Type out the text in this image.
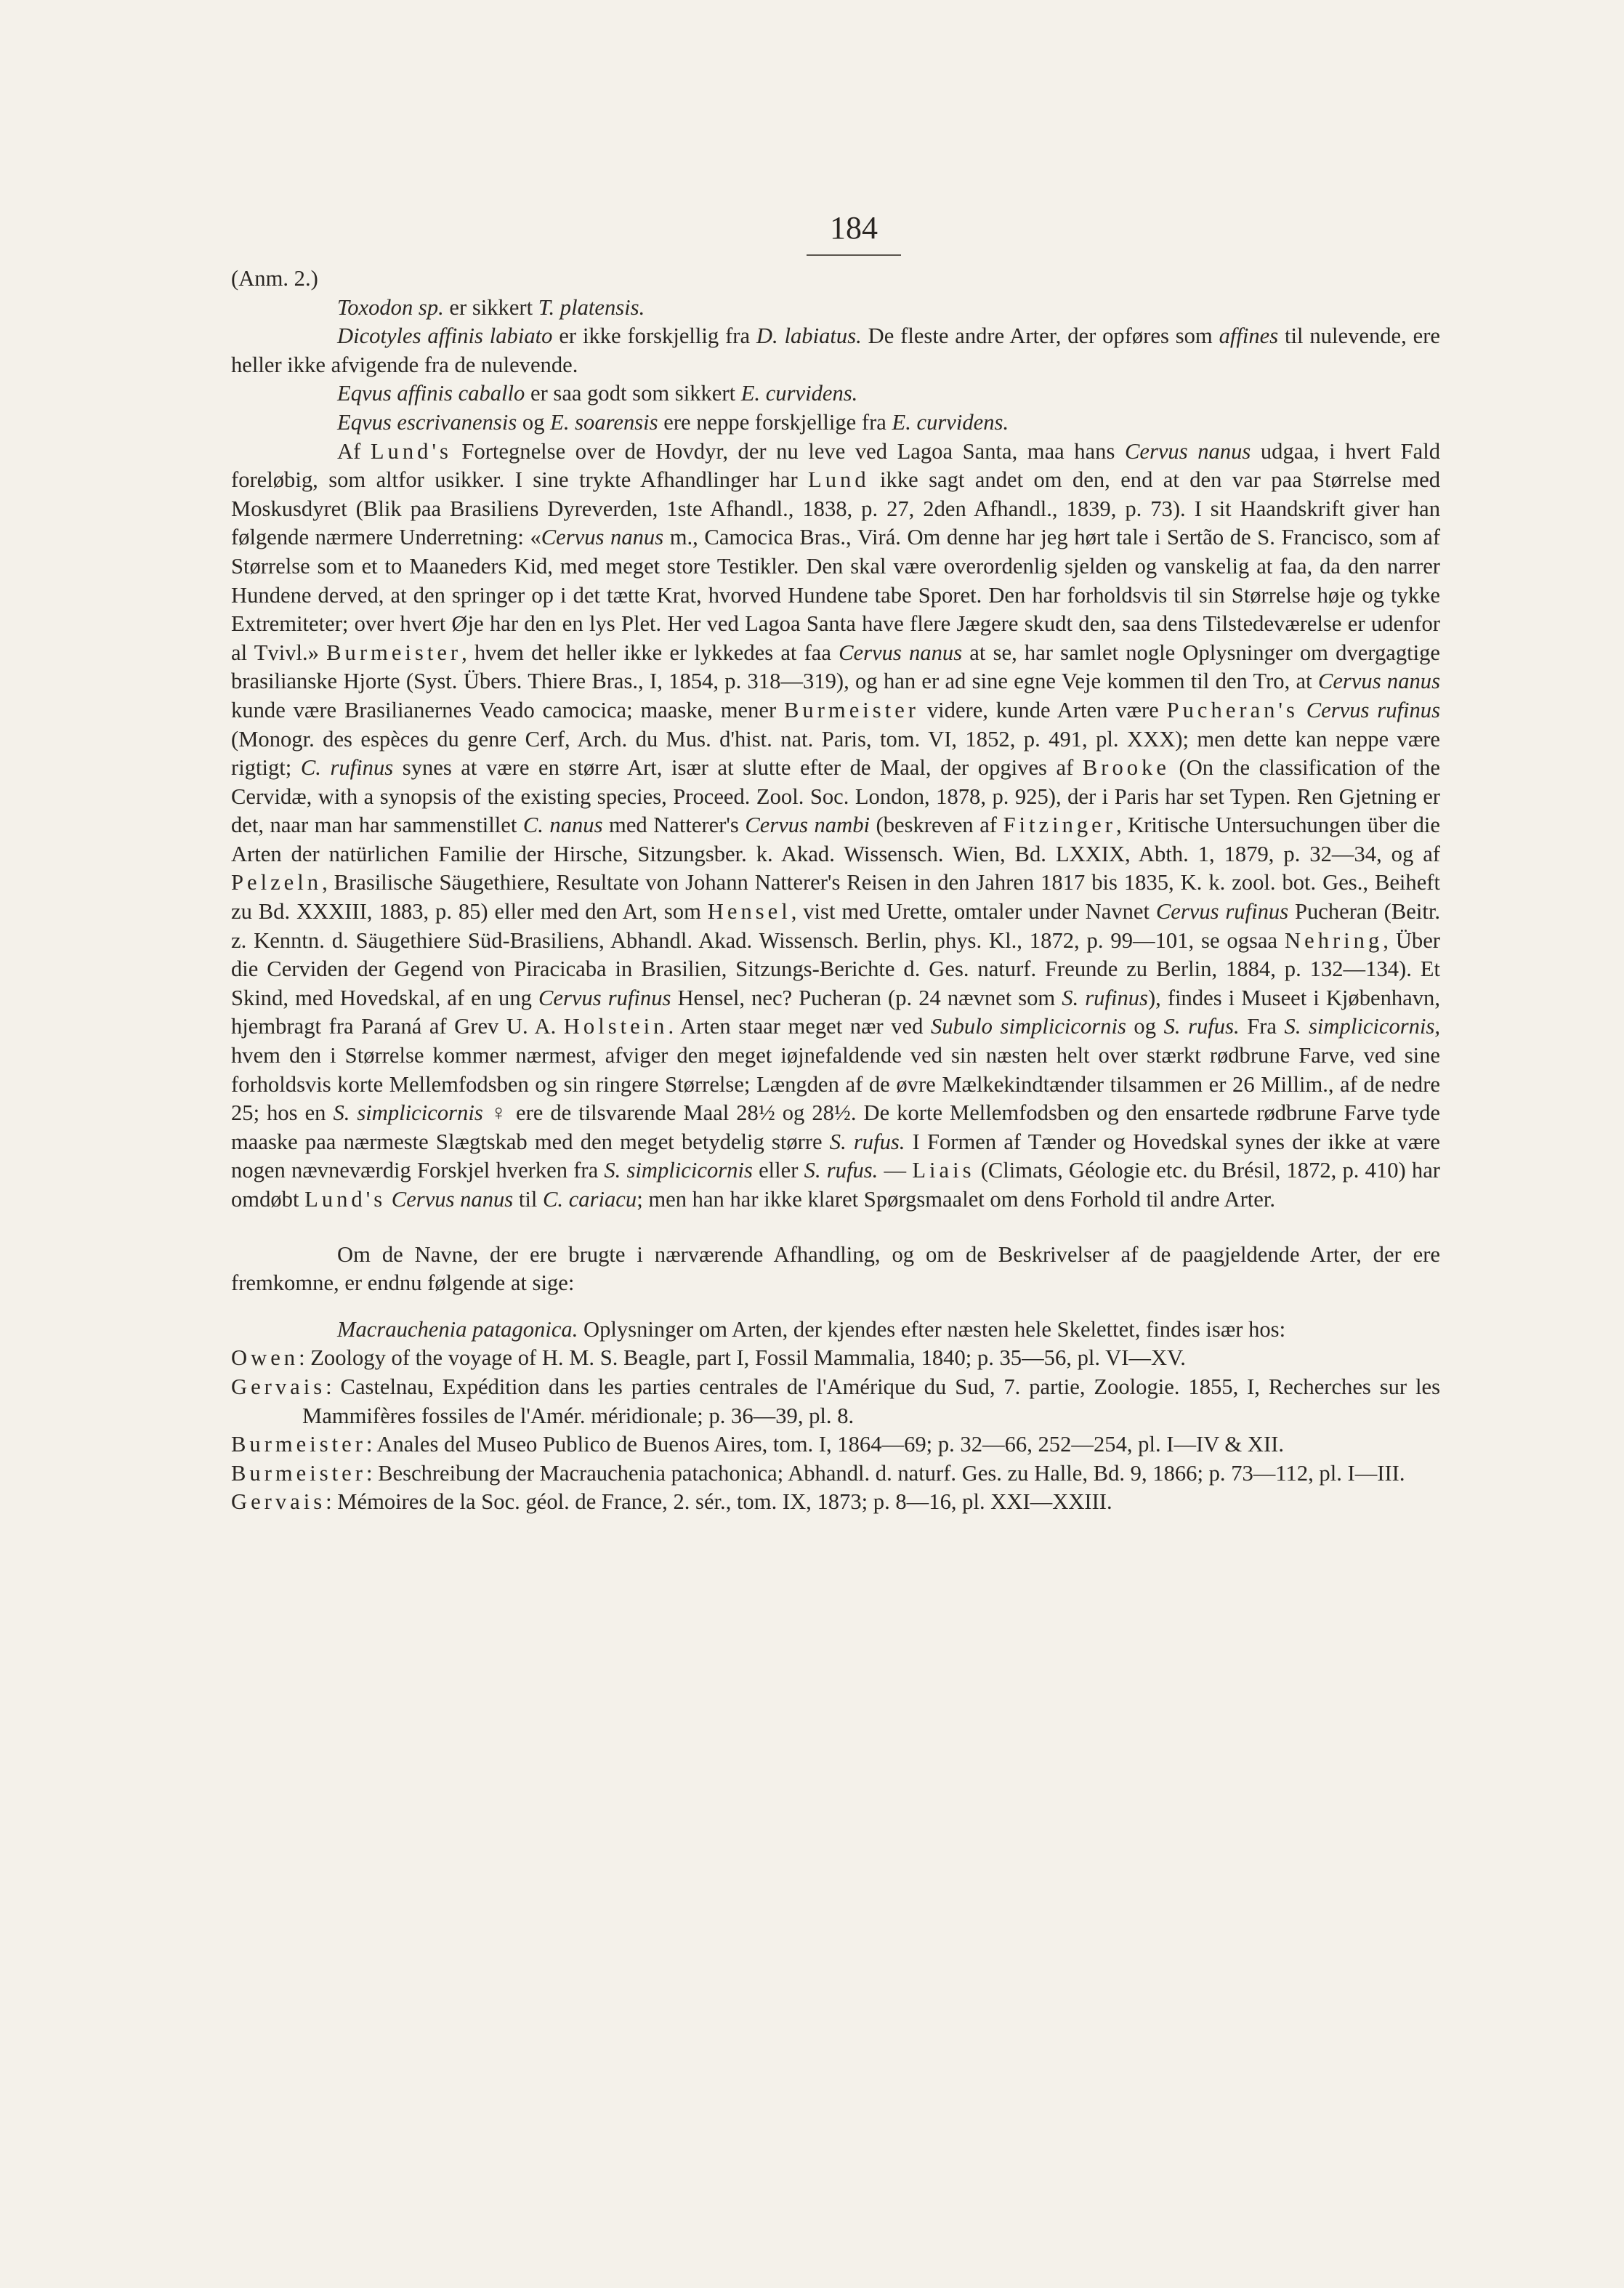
184

(Anm. 2.)

Toxodon sp. er sikkert T. platensis.

Dicotyles affinis labiato er ikke forskjellig fra D. labiatus. De fleste andre Arter, der opføres som affines til nulevende, ere heller ikke afvigende fra de nulevende.

Eqvus affinis caballo er saa godt som sikkert E. curvidens.

Eqvus escrivanensis og E. soarensis ere neppe forskjellige fra E. curvidens.

Af Lund's Fortegnelse over de Hovdyr, der nu leve ved Lagoa Santa, maa hans Cervus nanus udgaa, i hvert Fald foreløbig, som altfor usikker. I sine trykte Afhandlinger har Lund ikke sagt andet om den, end at den var paa Størrelse med Moskusdyret (Blik paa Brasiliens Dyreverden, 1ste Afhandl., 1838, p. 27, 2den Afhandl., 1839, p. 73). I sit Haandskrift giver han følgende nærmere Underretning: «Cervus nanus m., Camocica Bras., Virá. Om denne har jeg hørt tale i Sertão de S. Francisco, som af Størrelse som et to Maaneders Kid, med meget store Testikler. Den skal være overordenlig sjelden og vanskelig at faa, da den narrer Hundene derved, at den springer op i det tætte Krat, hvorved Hundene tabe Sporet. Den har forholdsvis til sin Størrelse høje og tykke Extremiteter; over hvert Øje har den en lys Plet. Her ved Lagoa Santa have flere Jægere skudt den, saa dens Tilstedeværelse er udenfor al Tvivl.» Burmeister, hvem det heller ikke er lykkedes at faa Cervus nanus at se, har samlet nogle Oplysninger om dvergagtige brasilianske Hjorte (Syst. Übers. Thiere Bras., I, 1854, p. 318—319), og han er ad sine egne Veje kommen til den Tro, at Cervus nanus kunde være Brasilianernes Veado camocica; maaske, mener Burmeister videre, kunde Arten være Pucheran's Cervus rufinus (Monogr. des espèces du genre Cerf, Arch. du Mus. d'hist. nat. Paris, tom. VI, 1852, p. 491, pl. XXX); men dette kan neppe være rigtigt; C. rufinus synes at være en større Art, især at slutte efter de Maal, der opgives af Brooke (On the classification of the Cervidæ, with a synopsis of the existing species, Proceed. Zool. Soc. London, 1878, p. 925), der i Paris har set Typen. Ren Gjetning er det, naar man har sammenstillet C. nanus med Natterer's Cervus nambi (beskreven af Fitzinger, Kritische Untersuchungen über die Arten der natürlichen Familie der Hirsche, Sitzungsber. k. Akad. Wissensch. Wien, Bd. LXXIX, Abth. 1, 1879, p. 32—34, og af Pelzeln, Brasilische Säugethiere, Resultate von Johann Natterer's Reisen in den Jahren 1817 bis 1835, K. k. zool. bot. Ges., Beiheft zu Bd. XXXIII, 1883, p. 85) eller med den Art, som Hensel, vist med Urette, omtaler under Navnet Cervus rufinus Pucheran (Beitr. z. Kenntn. d. Säugethiere Süd-Brasiliens, Abhandl. Akad. Wissensch. Berlin, phys. Kl., 1872, p. 99—101, se ogsaa Nehring, Über die Cerviden der Gegend von Piracicaba in Brasilien, Sitzungs-Berichte d. Ges. naturf. Freunde zu Berlin, 1884, p. 132—134). Et Skind, med Hovedskal, af en ung Cervus rufinus Hensel, nec? Pucheran (p. 24 nævnet som S. rufinus), findes i Museet i Kjøbenhavn, hjembragt fra Paraná af Grev U. A. Holstein. Arten staar meget nær ved Subulo simplicicornis og S. rufus. Fra S. simplicicornis, hvem den i Størrelse kommer nærmest, afviger den meget iøjnefaldende ved sin næsten helt over stærkt rødbrune Farve, ved sine forholdsvis korte Mellemfodsben og sin ringere Størrelse; Længden af de øvre Mælkekindtænder tilsammen er 26 Millim., af de nedre 25; hos en S. simplicicornis ♀ ere de tilsvarende Maal 28½ og 28½. De korte Mellemfodsben og den ensartede rødbrune Farve tyde maaske paa nærmeste Slægtskab med den meget betydelig større S. rufus. I Formen af Tænder og Hovedskal synes der ikke at være nogen nævneværdig Forskjel hverken fra S. simplicicornis eller S. rufus. — Liais (Climats, Géologie etc. du Brésil, 1872, p. 410) har omdøbt Lund's Cervus nanus til C. cariacu; men han har ikke klaret Spørgsmaalet om dens Forhold til andre Arter.

Om de Navne, der ere brugte i nærværende Afhandling, og om de Beskrivelser af de paagjeldende Arter, der ere fremkomne, er endnu følgende at sige:

Macrauchenia patagonica. Oplysninger om Arten, der kjendes efter næsten hele Skelettet, findes især hos:

Owen: Zoology of the voyage of H. M. S. Beagle, part I, Fossil Mammalia, 1840; p. 35—56, pl. VI—XV.

Gervais: Castelnau, Expédition dans les parties centrales de l'Amérique du Sud, 7. partie, Zoologie. 1855, I, Recherches sur les Mammifères fossiles de l'Amér. méridionale; p. 36—39, pl. 8.

Burmeister: Anales del Museo Publico de Buenos Aires, tom. I, 1864—69; p. 32—66, 252—254, pl. I—IV & XII.

Burmeister: Beschreibung der Macrauchenia patachonica; Abhandl. d. naturf. Ges. zu Halle, Bd. 9, 1866; p. 73—112, pl. I—III.

Gervais: Mémoires de la Soc. géol. de France, 2. sér., tom. IX, 1873; p. 8—16, pl. XXI—XXIII.
